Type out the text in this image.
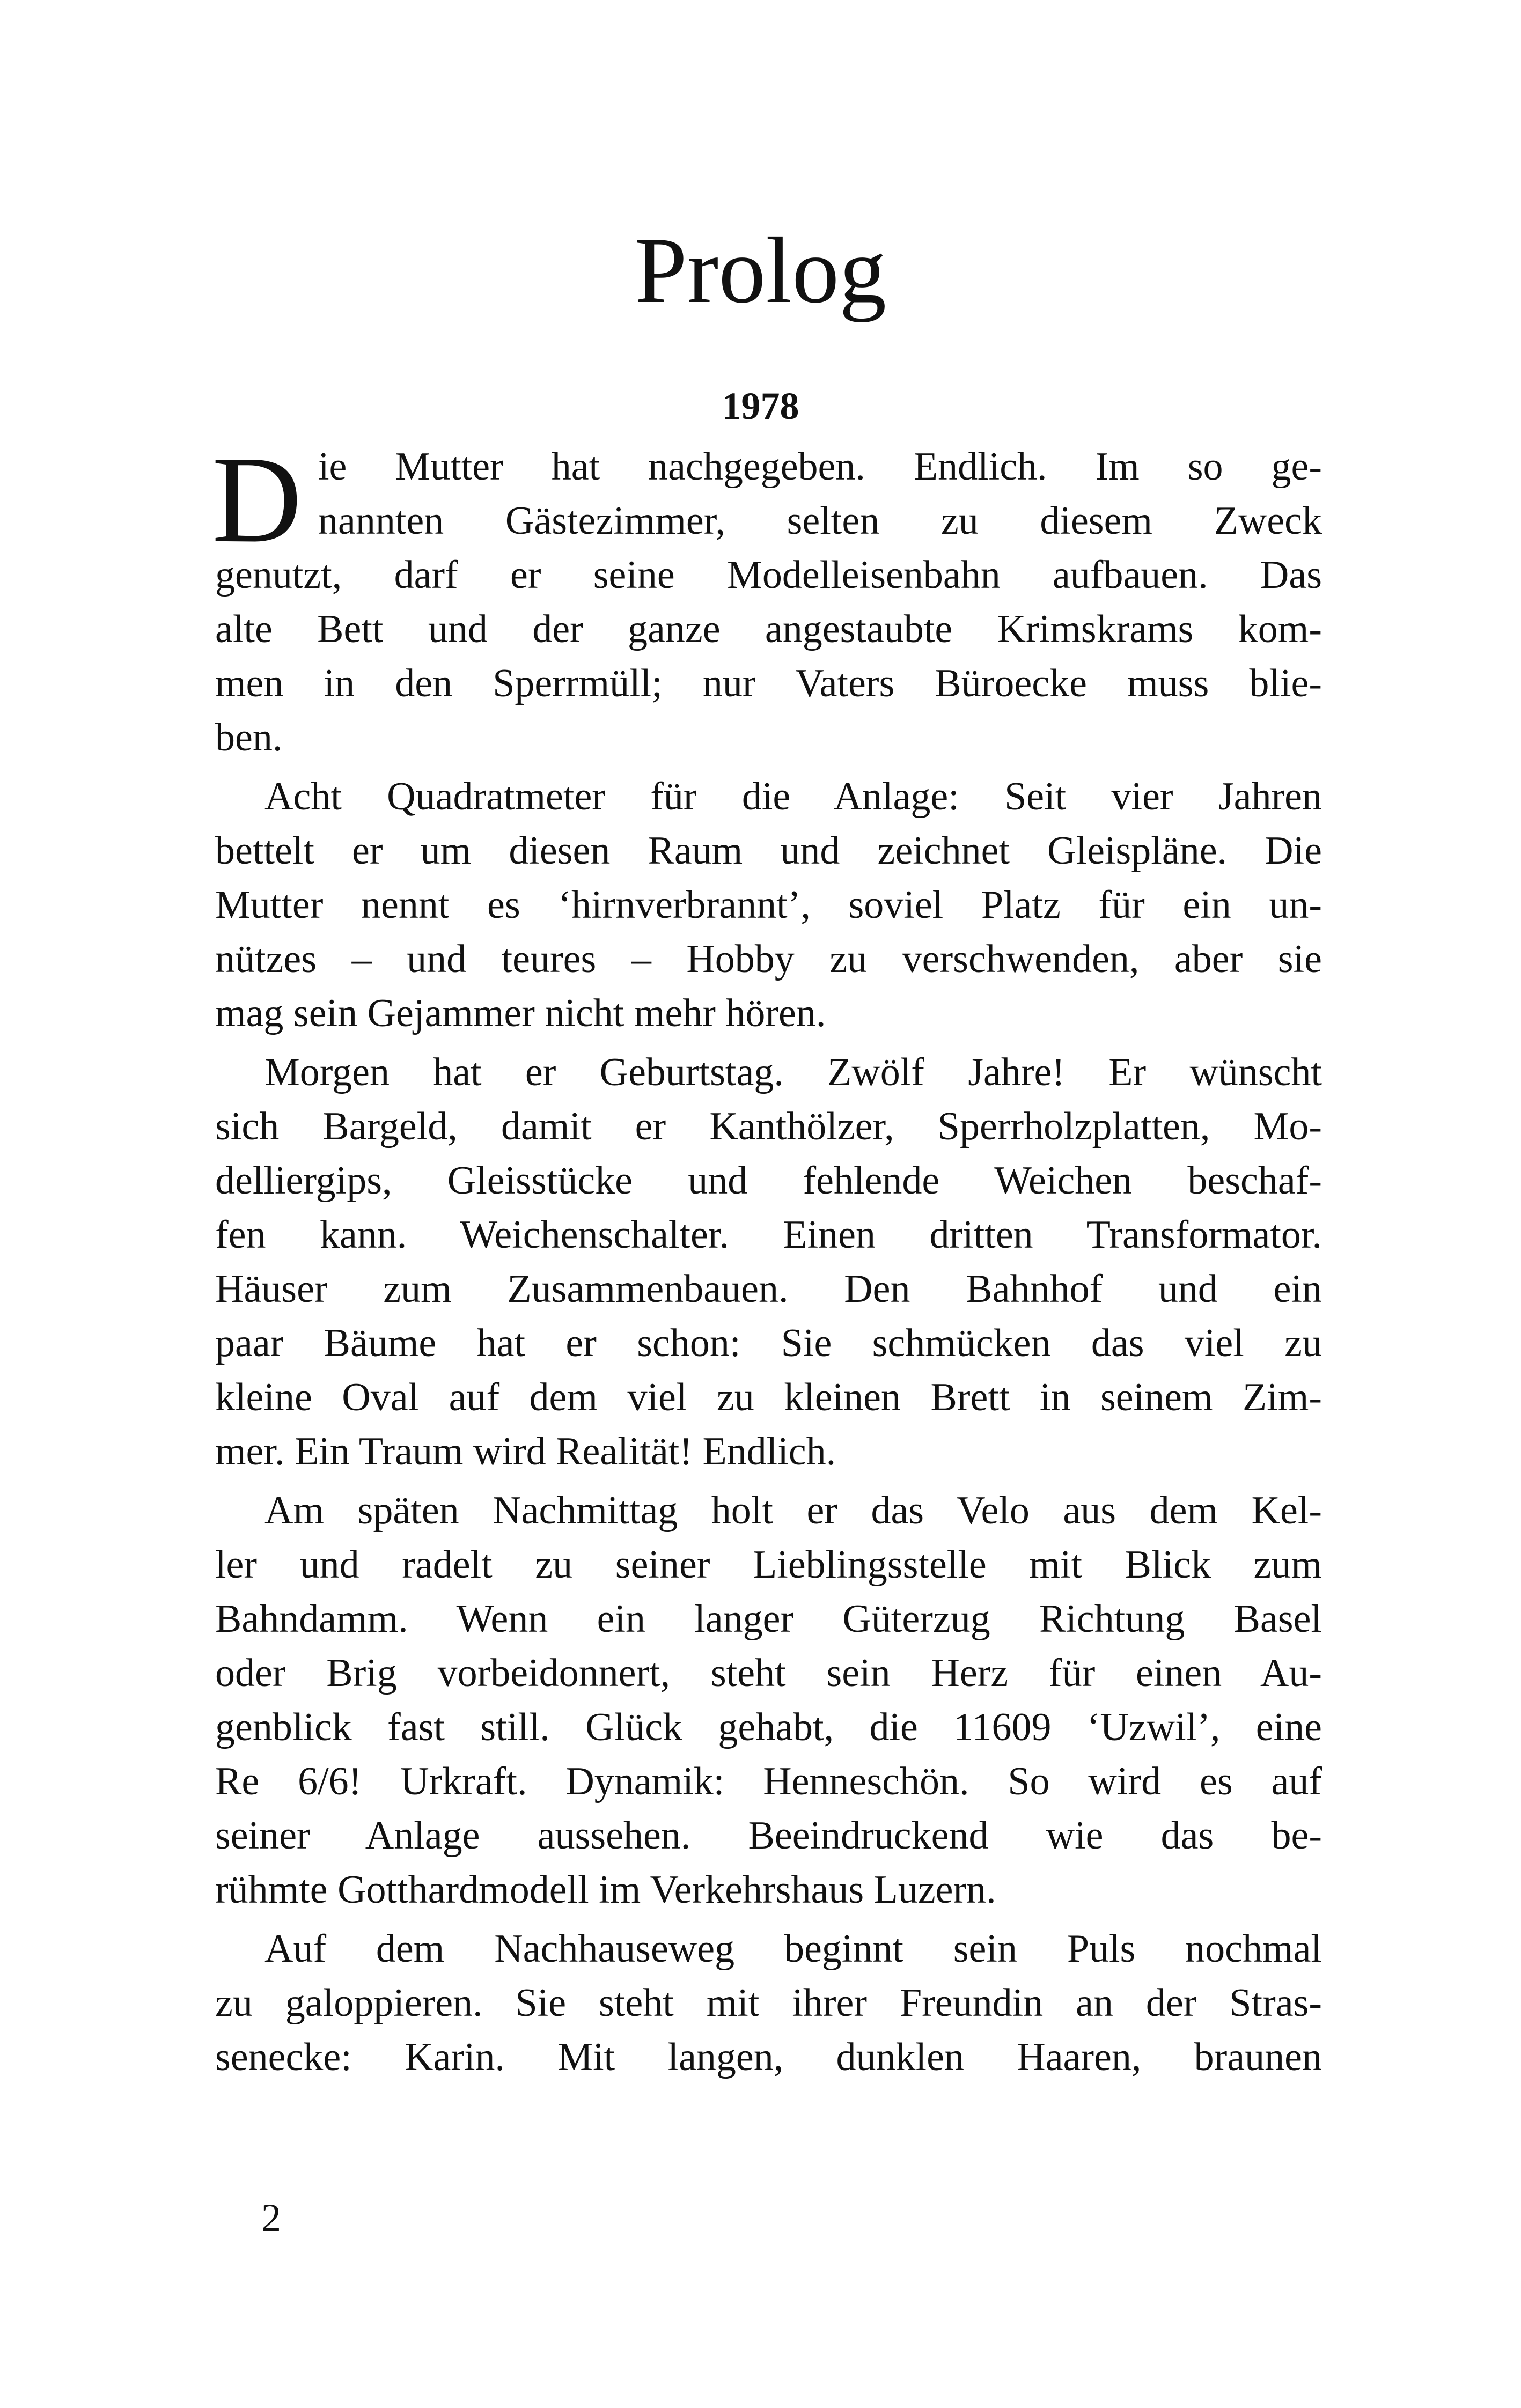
Prolog
1978
D ie Mutter hat nachgegeben. Endlich. Im so ge-
nannten Gästezimmer, selten zu diesem Zweck
genutzt, darf er seine Modelleisenbahn aufbauen. Das
alte Bett und der ganze angestaubte Krimskrams kom-
men in den Sperrmüll; nur Vaters Büroecke muss blie-
ben.
Acht Quadratmeter für die Anlage: Seit vier Jahren
bettelt er um diesen Raum und zeichnet Gleispläne. Die
Mutter nennt es ‘hirnverbrannt’, soviel Platz für ein un-
nützes – und teures – Hobby zu verschwenden, aber sie
mag sein Gejammer nicht mehr hören.
Morgen hat er Geburtstag. Zwölf Jahre! Er wünscht
sich Bargeld, damit er Kanthölzer, Sperrholzplatten, Mo-
delliergips, Gleisstücke und fehlende Weichen beschaf-
fen kann. Weichenschalter. Einen dritten Transformator.
Häuser zum Zusammenbauen. Den Bahnhof und ein
paar Bäume hat er schon: Sie schmücken das viel zu
kleine Oval auf dem viel zu kleinen Brett in seinem Zim-
mer. Ein Traum wird Realität! Endlich.
Am späten Nachmittag holt er das Velo aus dem Kel-
ler und radelt zu seiner Lieblingsstelle mit Blick zum
Bahndamm. Wenn ein langer Güterzug Richtung Basel
oder Brig vorbeidonnert, steht sein Herz für einen Au-
genblick fast still. Glück gehabt, die 11609 ‘Uzwil’, eine
Re 6/6! Urkraft. Dynamik: Henneschön. So wird es auf
seiner Anlage aussehen. Beeindruckend wie das be-
rühmte Gotthardmodell im Verkehrshaus Luzern.
Auf dem Nachhauseweg beginnt sein Puls nochmal
zu galoppieren. Sie steht mit ihrer Freundin an der Stras-
senecke: Karin. Mit langen, dunklen Haaren, braunen
2
